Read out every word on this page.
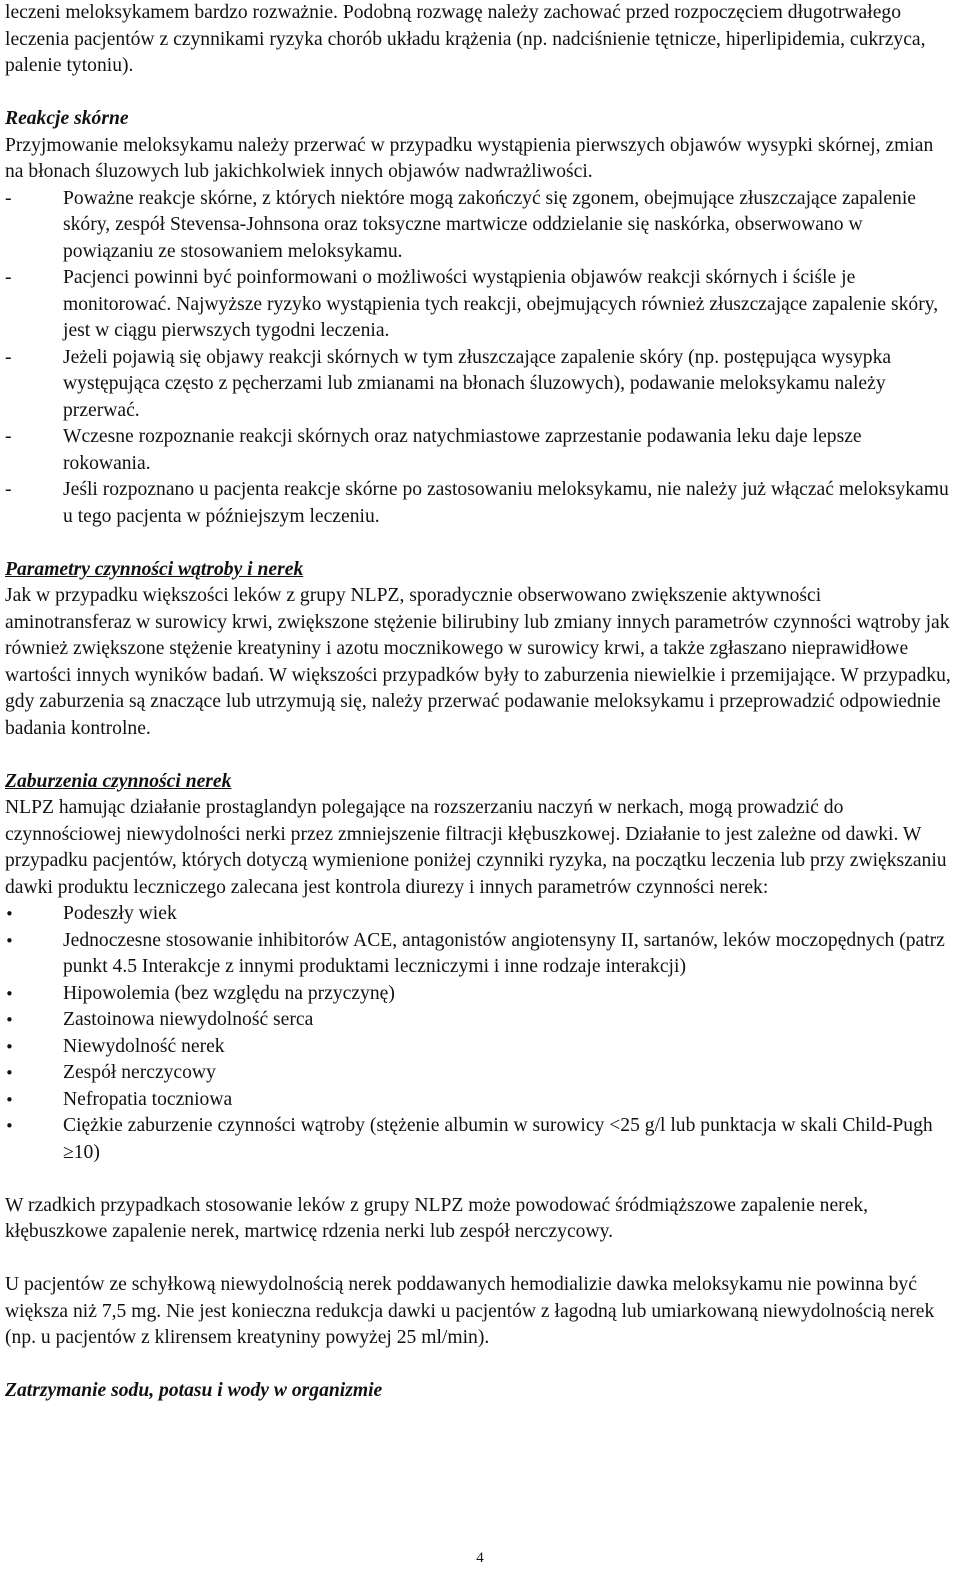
leczeni meloksykamem bardzo rozważnie. Podobną rozwagę należy zachować przed rozpoczęciem długotrwałego leczenia pacjentów z czynnikami ryzyka chorób układu krążenia (np. nadciśnienie tętnicze, hiperlipidemia, cukrzyca, palenie tytoniu).

Reakcje skórne

Przyjmowanie meloksykamu należy przerwać w przypadku wystąpienia pierwszych objawów wysypki skórnej, zmian na błonach śluzowych lub jakichkolwiek innych objawów nadwrażliwości.

-	Poważne reakcje skórne, z których niektóre mogą zakończyć się zgonem, obejmujące złuszczające zapalenie skóry, zespół Stevensa-Johnsona oraz toksyczne martwicze oddzielanie się naskórka, obserwowano w powiązaniu ze stosowaniem meloksykamu.
-	Pacjenci powinni być poinformowani o możliwości wystąpienia objawów reakcji skórnych i ściśle je monitorować. Najwyższe ryzyko wystąpienia tych reakcji, obejmujących również złuszczające zapalenie skóry, jest w ciągu pierwszych tygodni leczenia.
-	Jeżeli pojawią się objawy reakcji skórnych w tym złuszczające zapalenie skóry (np. postępująca wysypka występująca często z pęcherzami lub zmianami na błonach śluzowych), podawanie meloksykamu należy przerwać.
-	Wczesne rozpoznanie reakcji skórnych oraz natychmiastowe zaprzestanie podawania leku daje lepsze rokowania.
-	Jeśli rozpoznano u pacjenta reakcje skórne po zastosowaniu meloksykamu, nie należy już włączać meloksykamu u tego pacjenta w późniejszym leczeniu.

Parametry czynności wątroby i nerek

Jak w przypadku większości leków z grupy NLPZ, sporadycznie obserwowano zwiększenie aktywności aminotransferaz w surowicy krwi, zwiększone stężenie bilirubiny lub zmiany innych parametrów czynności wątroby jak również zwiększone stężenie kreatyniny i azotu mocznikowego w surowicy krwi, a także zgłaszano nieprawidłowe wartości innych wyników badań. W większości przypadków były to zaburzenia niewielkie i przemijające. W przypadku, gdy zaburzenia są znaczące lub utrzymują się, należy przerwać podawanie meloksykamu i przeprowadzić odpowiednie badania kontrolne.

Zaburzenia czynności nerek

NLPZ hamując działanie prostaglandyn polegające na rozszerzaniu naczyń w nerkach, mogą prowadzić do czynnościowej niewydolności nerki przez zmniejszenie filtracji kłębuszkowej. Działanie to jest zależne od dawki. W przypadku pacjentów, których dotyczą wymienione poniżej czynniki ryzyka, na początku leczenia lub przy zwiększaniu dawki produktu leczniczego zalecana jest kontrola diurezy i innych parametrów czynności nerek:

•	Podeszły wiek
•	Jednoczesne stosowanie inhibitorów ACE, antagonistów angiotensyny II, sartanów, leków moczopędnych (patrz punkt 4.5 Interakcje z innymi produktami leczniczymi i inne rodzaje interakcji)
•	Hipowolemia (bez względu na przyczynę)
•	Zastoinowa niewydolność serca
•	Niewydolność nerek
•	Zespół nerczycowy
•	Nefropatia toczniowa
•	Ciężkie zaburzenie czynności wątroby (stężenie albumin w surowicy <25 g/l lub punktacja w skali Child-Pugh ≥10)

W rzadkich przypadkach stosowanie leków z grupy NLPZ może powodować śródmiąższowe zapalenie nerek, kłębuszkowe zapalenie nerek, martwicę rdzenia nerki lub zespół nerczycowy.

U pacjentów ze schyłkową niewydolnością nerek poddawanych hemodializie dawka meloksykamu nie powinna być większa niż 7,5 mg. Nie jest konieczna redukcja dawki u pacjentów z łagodną lub umiarkowaną niewydolnością nerek (np. u pacjentów z klirensem kreatyniny powyżej 25 ml/min).

Zatrzymanie sodu, potasu i wody w organizmie

4
